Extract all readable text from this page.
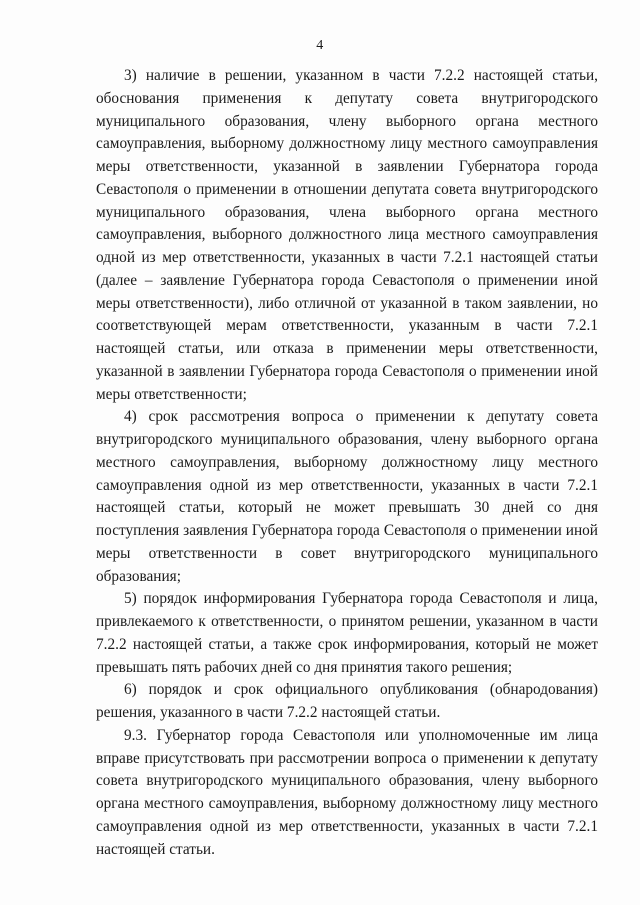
4

3) наличие в решении, указанном в части 7.2.2 настоящей статьи, обоснования применения к депутату совета внутригородского муниципального образования, члену выборного органа местного самоуправления, выборному должностному лицу местного самоуправления меры ответственности, указанной в заявлении Губернатора города Севастополя о применении в отношении депутата совета внутригородского муниципального образования, члена выборного органа местного самоуправления, выборного должностного лица местного самоуправления одной из мер ответственности, указанных в части 7.2.1 настоящей статьи (далее – заявление Губернатора города Севастополя о применении иной меры ответственности), либо отличной от указанной в таком заявлении, но соответствующей мерам ответственности, указанным в части 7.2.1 настоящей статьи, или отказа в применении меры ответственности, указанной в заявлении Губернатора города Севастополя о применении иной меры ответственности;

4) срок рассмотрения вопроса о применении к депутату совета внутригородского муниципального образования, члену выборного органа местного самоуправления, выборному должностному лицу местного самоуправления одной из мер ответственности, указанных в части 7.2.1 настоящей статьи, который не может превышать 30 дней со дня поступления заявления Губернатора города Севастополя о применении иной меры ответственности в совет внутригородского муниципального образования;

5) порядок информирования Губернатора города Севастополя и лица, привлекаемого к ответственности, о принятом решении, указанном в части 7.2.2 настоящей статьи, а также срок информирования, который не может превышать пять рабочих дней со дня принятия такого решения;

6) порядок и срок официального опубликования (обнародования) решения, указанного в части 7.2.2 настоящей статьи.

9.3. Губернатор города Севастополя или уполномоченные им лица вправе присутствовать при рассмотрении вопроса о применении к депутату совета внутригородского муниципального образования, члену выборного органа местного самоуправления, выборному должностному лицу местного самоуправления одной из мер ответственности, указанных в части 7.2.1 настоящей статьи.
